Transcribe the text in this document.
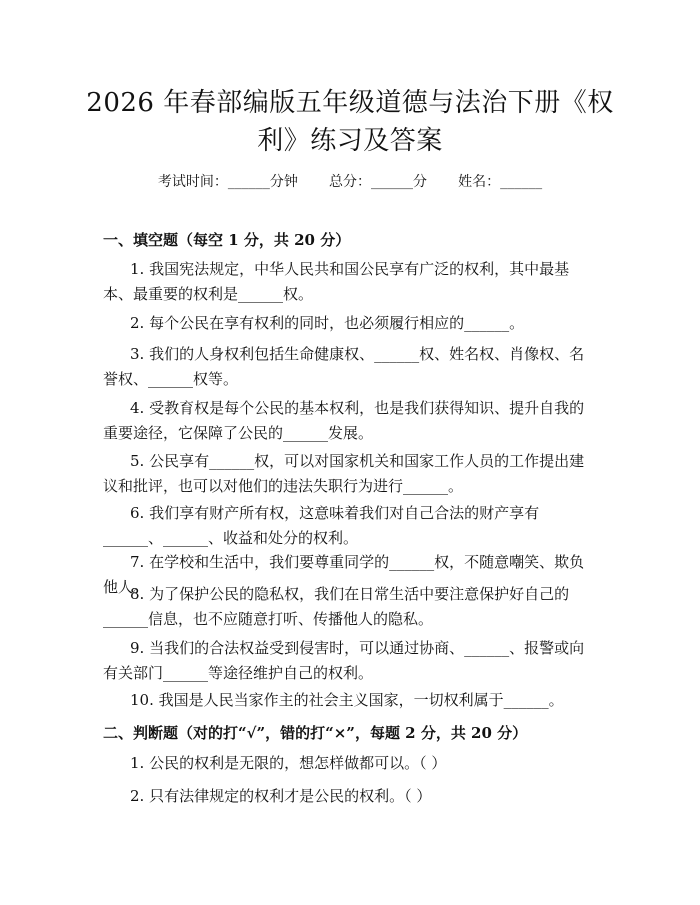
2026 年春部编版五年级道德与法治下册《权
利》练习及答案
考试时间：______分钟       总分：______分       姓名：______
一、填空题（每空 1 分，共 20 分）
1. 我国宪法规定，中华人民共和国公民享有广泛的权利，其中最基本、最重要的权利是______权。
2. 每个公民在享有权利的同时，也必须履行相应的______。
3. 我们的人身权利包括生命健康权、______权、姓名权、肖像权、名誉权、______权等。
4. 受教育权是每个公民的基本权利，也是我们获得知识、提升自我的重要途径，它保障了公民的______发展。
5. 公民享有______权，可以对国家机关和国家工作人员的工作提出建议和批评，也可以对他们的违法失职行为进行______。
6. 我们享有财产所有权，这意味着我们对自己合法的财产享有______、______、收益和处分的权利。
7. 在学校和生活中，我们要尊重同学的______权，不随意嘲笑、欺负他人。
8. 为了保护公民的隐私权，我们在日常生活中要注意保护好自己的______信息，也不应随意打听、传播他人的隐私。
9. 当我们的合法权益受到侵害时，可以通过协商、______、报警或向有关部门______等途径维护自己的权利。
10. 我国是人民当家作主的社会主义国家，一切权利属于______。
二、判断题（对的打“√”，错的打“×”，每题 2 分，共 20 分）
1. 公民的权利是无限的，想怎样做都可以。（ ）
2. 只有法律规定的权利才是公民的权利。（ ）
